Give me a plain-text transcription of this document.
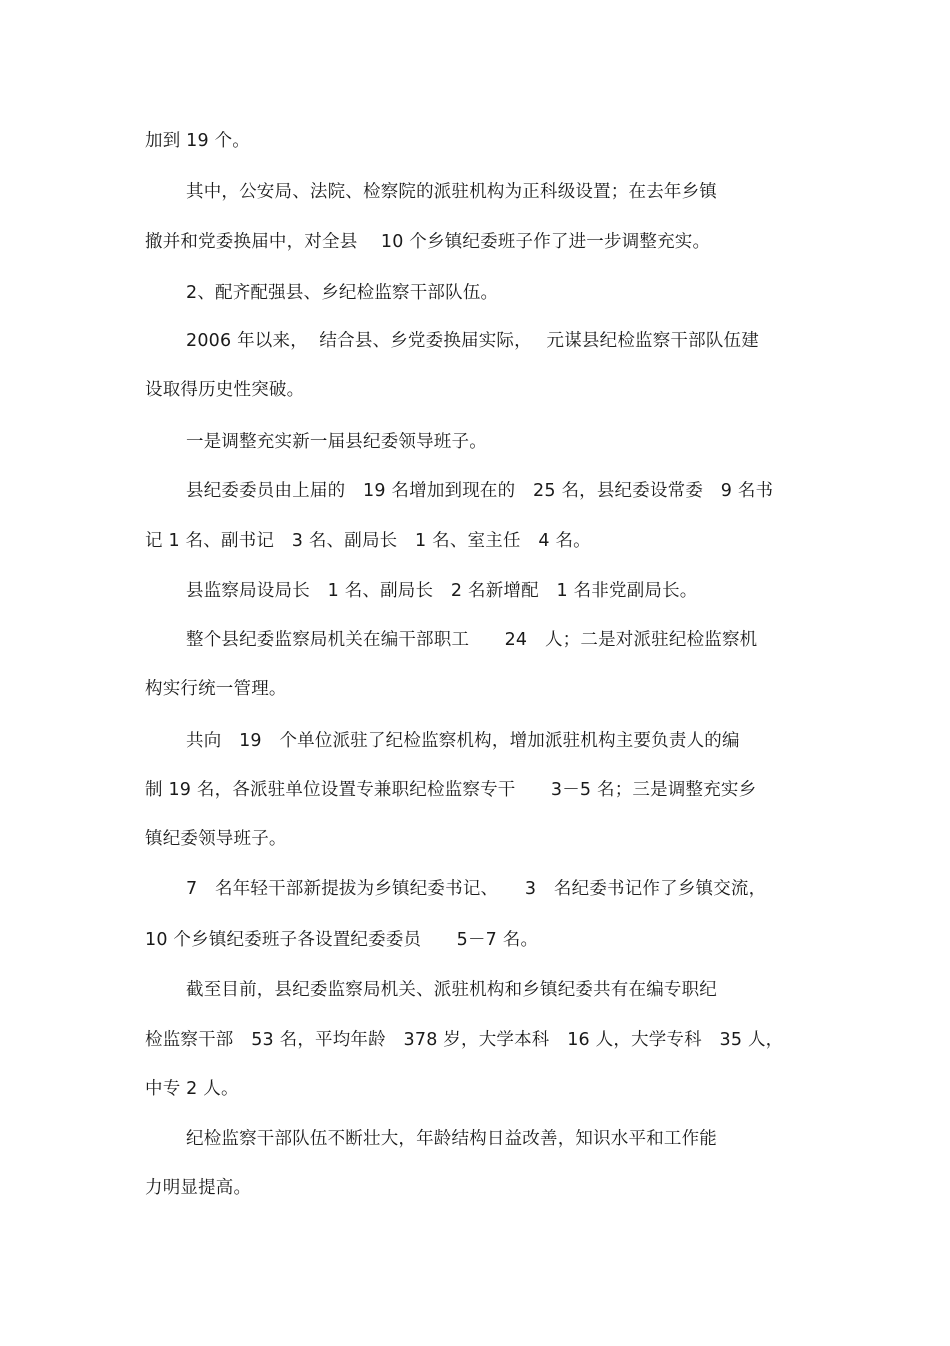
加到 19 个。
其中，公安局、法院、检察院的派驻机构为正科级设置；在去年乡镇
撤并和党委换届中，对全县　 10 个乡镇纪委班子作了进一步调整充实。
2、配齐配强县、乡纪检监察干部队伍。
2006 年以来，  结合县、乡党委换届实际，　 元谋县纪检监察干部队伍建
设取得历史性突破。
一是调整充实新一届县纪委领导班子。
县纪委委员由上届的　19 名增加到现在的　25 名，县纪委设常委　9 名书
记 1 名、副书记　3 名、副局长　1 名、室主任　4 名。
县监察局设局长　1 名、副局长　2 名新增配　1 名非党副局长。
整个县纪委监察局机关在编干部职工　　24　人；二是对派驻纪检监察机
构实行统一管理。
共向　19　个单位派驻了纪检监察机构，增加派驻机构主要负责人的编
制 19 名，各派驻单位设置专兼职纪检监察专干　　3－5 名；三是调整充实乡
镇纪委领导班子。
7　名年轻干部新提拔为乡镇纪委书记、　　3　名纪委书记作了乡镇交流，
10 个乡镇纪委班子各设置纪委委员　　5－7 名。
截至目前，县纪委监察局机关、派驻机构和乡镇纪委共有在编专职纪
检监察干部　53 名，平均年龄　378 岁，大学本科　16 人，大学专科　35 人，
中专 2 人。
纪检监察干部队伍不断壮大，年龄结构日益改善，知识水平和工作能
力明显提高。
